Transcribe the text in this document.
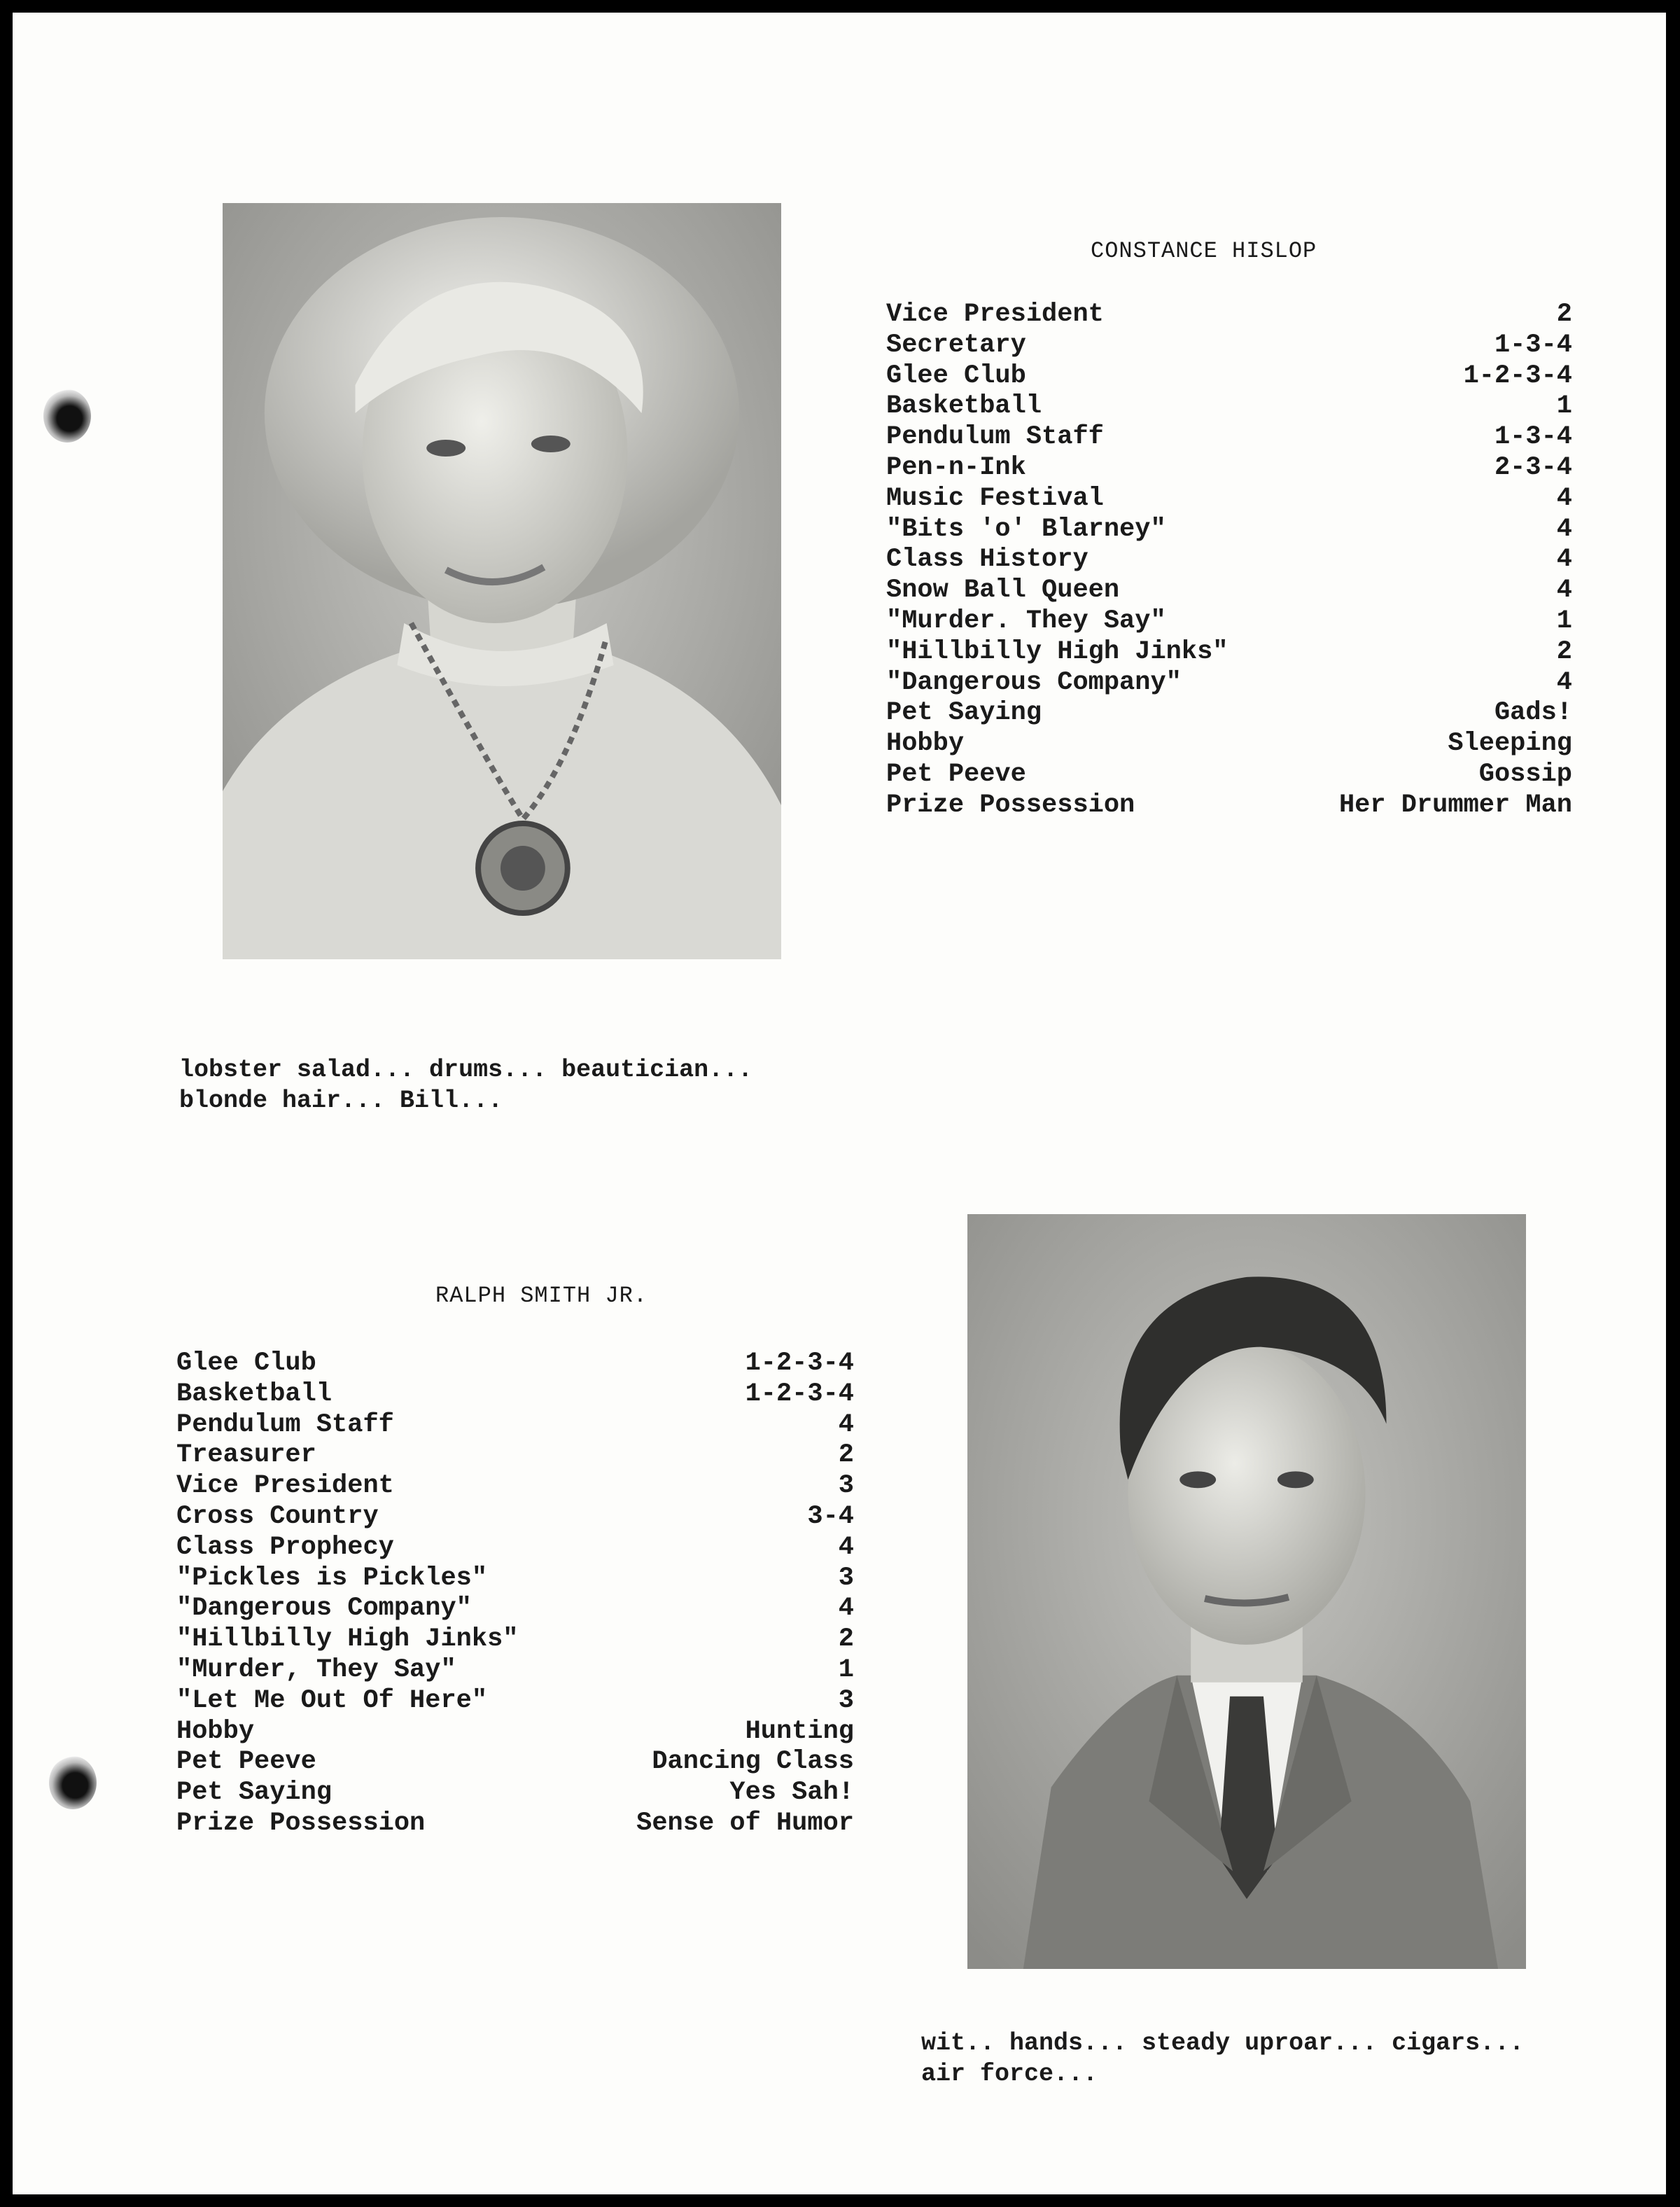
CONSTANCE HISLOP
Vice President	2
Secretary	1-3-4
Glee Club	1-2-3-4
Basketball	1
Pendulum Staff	1-3-4
Pen-n-Ink	2-3-4
Music Festival	4
"Bits 'o' Blarney"	4
Class History	4
Snow Ball Queen	4
"Murder. They Say"	1
"Hillbilly High Jinks"	2
"Dangerous Company"	4
Pet Saying	Gads!
Hobby	Sleeping
Pet Peeve	Gossip
Prize Possession	Her Drummer Man
lobster salad... drums... beautician...
blonde hair... Bill...
RALPH SMITH JR.
Glee Club	1-2-3-4
Basketball	1-2-3-4
Pendulum Staff	4
Treasurer	2
Vice President	3
Cross Country	3-4
Class Prophecy	4
"Pickles is Pickles"	3
"Dangerous Company"	4
"Hillbilly High Jinks"	2
"Murder, They Say"	1
"Let Me Out Of Here"	3
Hobby	Hunting
Pet Peeve	Dancing Class
Pet Saying	Yes Sah!
Prize Possession	Sense of Humor
wit.. hands... steady uproar... cigars...
air force...
